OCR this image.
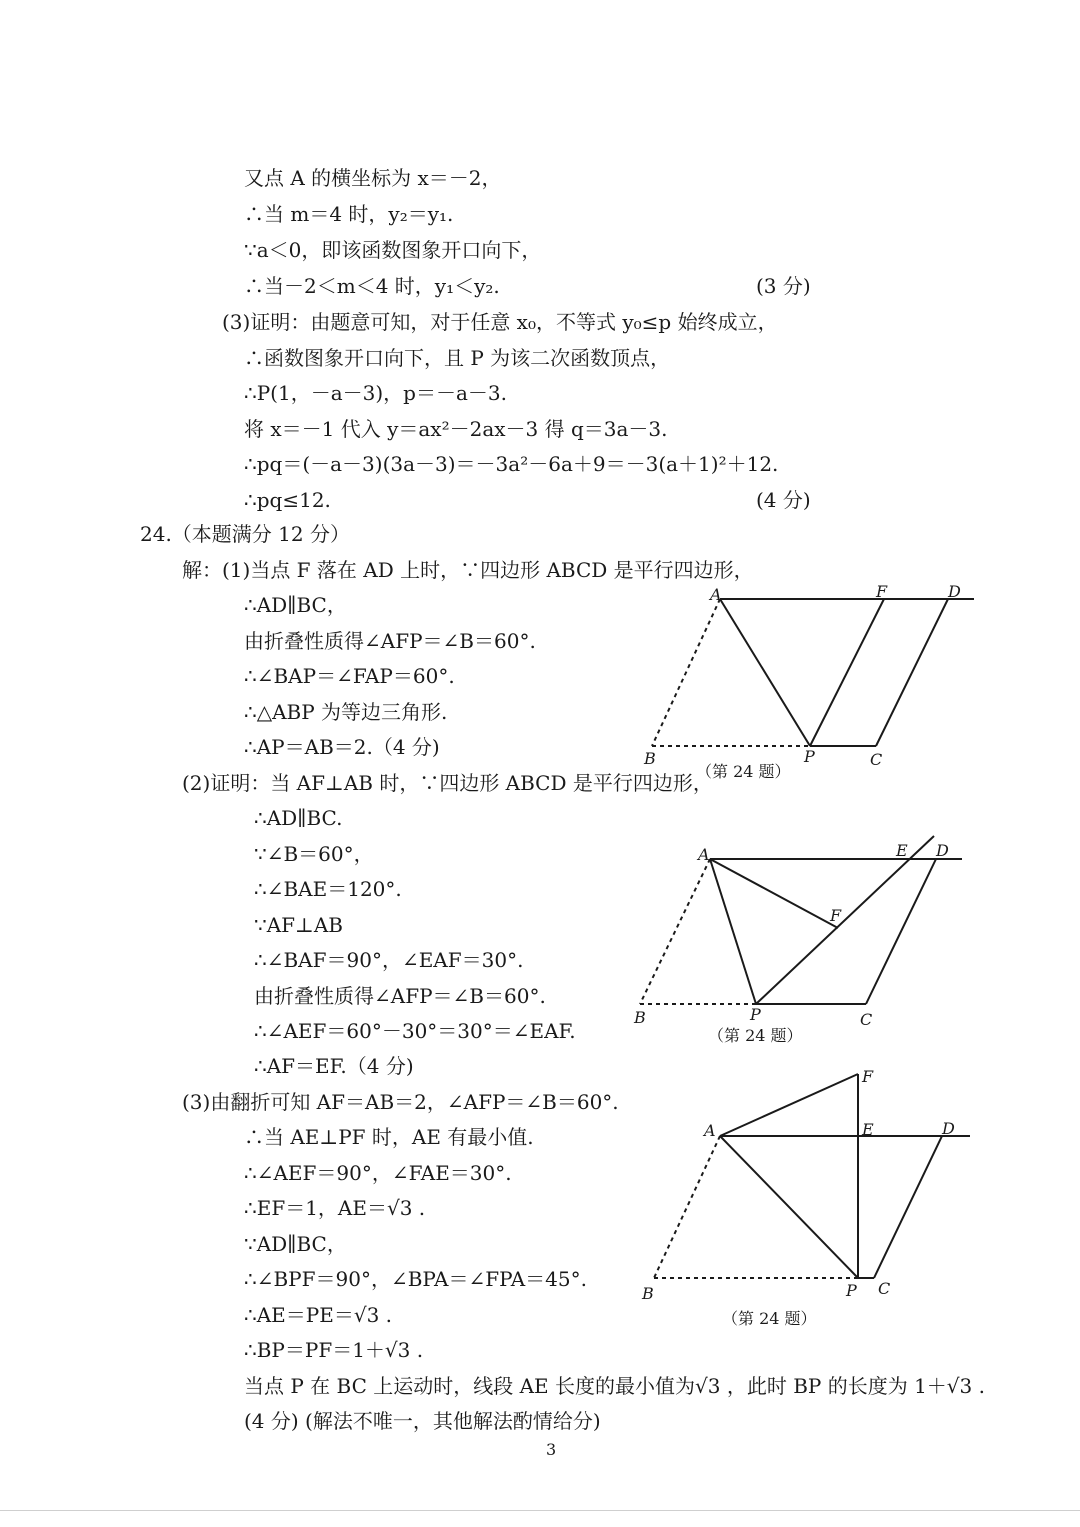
又点 A 的横坐标为 x＝－2，
∴当 m＝4 时，y₂＝y₁.
∵a＜0，即该函数图象开口向下，
∴当－2＜m＜4 时，y₁＜y₂.	(3 分)
(3)证明：由题意可知，对于任意 x₀，不等式 y₀≤p 始终成立，
∴函数图象开口向下，且 P 为该二次函数顶点，
∴P(1，－a－3)，p＝－a－3.
将 x＝－1 代入 y＝ax²－2ax－3 得 q＝3a－3.
∴pq＝(－a－3)(3a－3)＝－3a²－6a＋9＝－3(a＋1)²＋12.
∴pq≤12.	(4 分)
24.（本题满分 12 分）
解：(1)当点 F 落在 AD 上时，∵四边形 ABCD 是平行四边形，
∴AD∥BC，
由折叠性质得∠AFP＝∠B＝60°.
∴∠BAP＝∠FAP＝60°.
∴△ABP 为等边三角形.
∴AP＝AB＝2.（4 分)
A	F	D
B	P	C
（第 24 题）
(2)证明：当 AF⊥AB 时，∵四边形 ABCD 是平行四边形，
∴AD∥BC.
∵∠B＝60°，
∴∠BAE＝120°.
∵AF⊥AB
∴∠BAF＝90°，∠EAF＝30°.
由折叠性质得∠AFP＝∠B＝60°.
∴∠AEF＝60°－30°＝30°＝∠EAF.
∴AF＝EF.（4 分)
A	E D
F
B	P	C
（第 24 题）
(3)由翻折可知 AF＝AB＝2，∠AFP＝∠B＝60°.
∴当 AE⊥PF 时，AE 有最小值.
∴∠AEF＝90°，∠FAE＝30°.
∴EF＝1，AE＝√3 .
∵AD∥BC，
∴∠BPF＝90°，∠BPA＝∠FPA＝45°.
∴AE＝PE＝√3 .
∴BP＝PF＝1＋√3 .
当点 P 在 BC 上运动时，线段 AE 长度的最小值为√3 ，此时 BP 的长度为 1＋√3 .
(4 分) (解法不唯一，其他解法酌情给分)
F
A	E	D
B	P C
（第 24 题）
3
